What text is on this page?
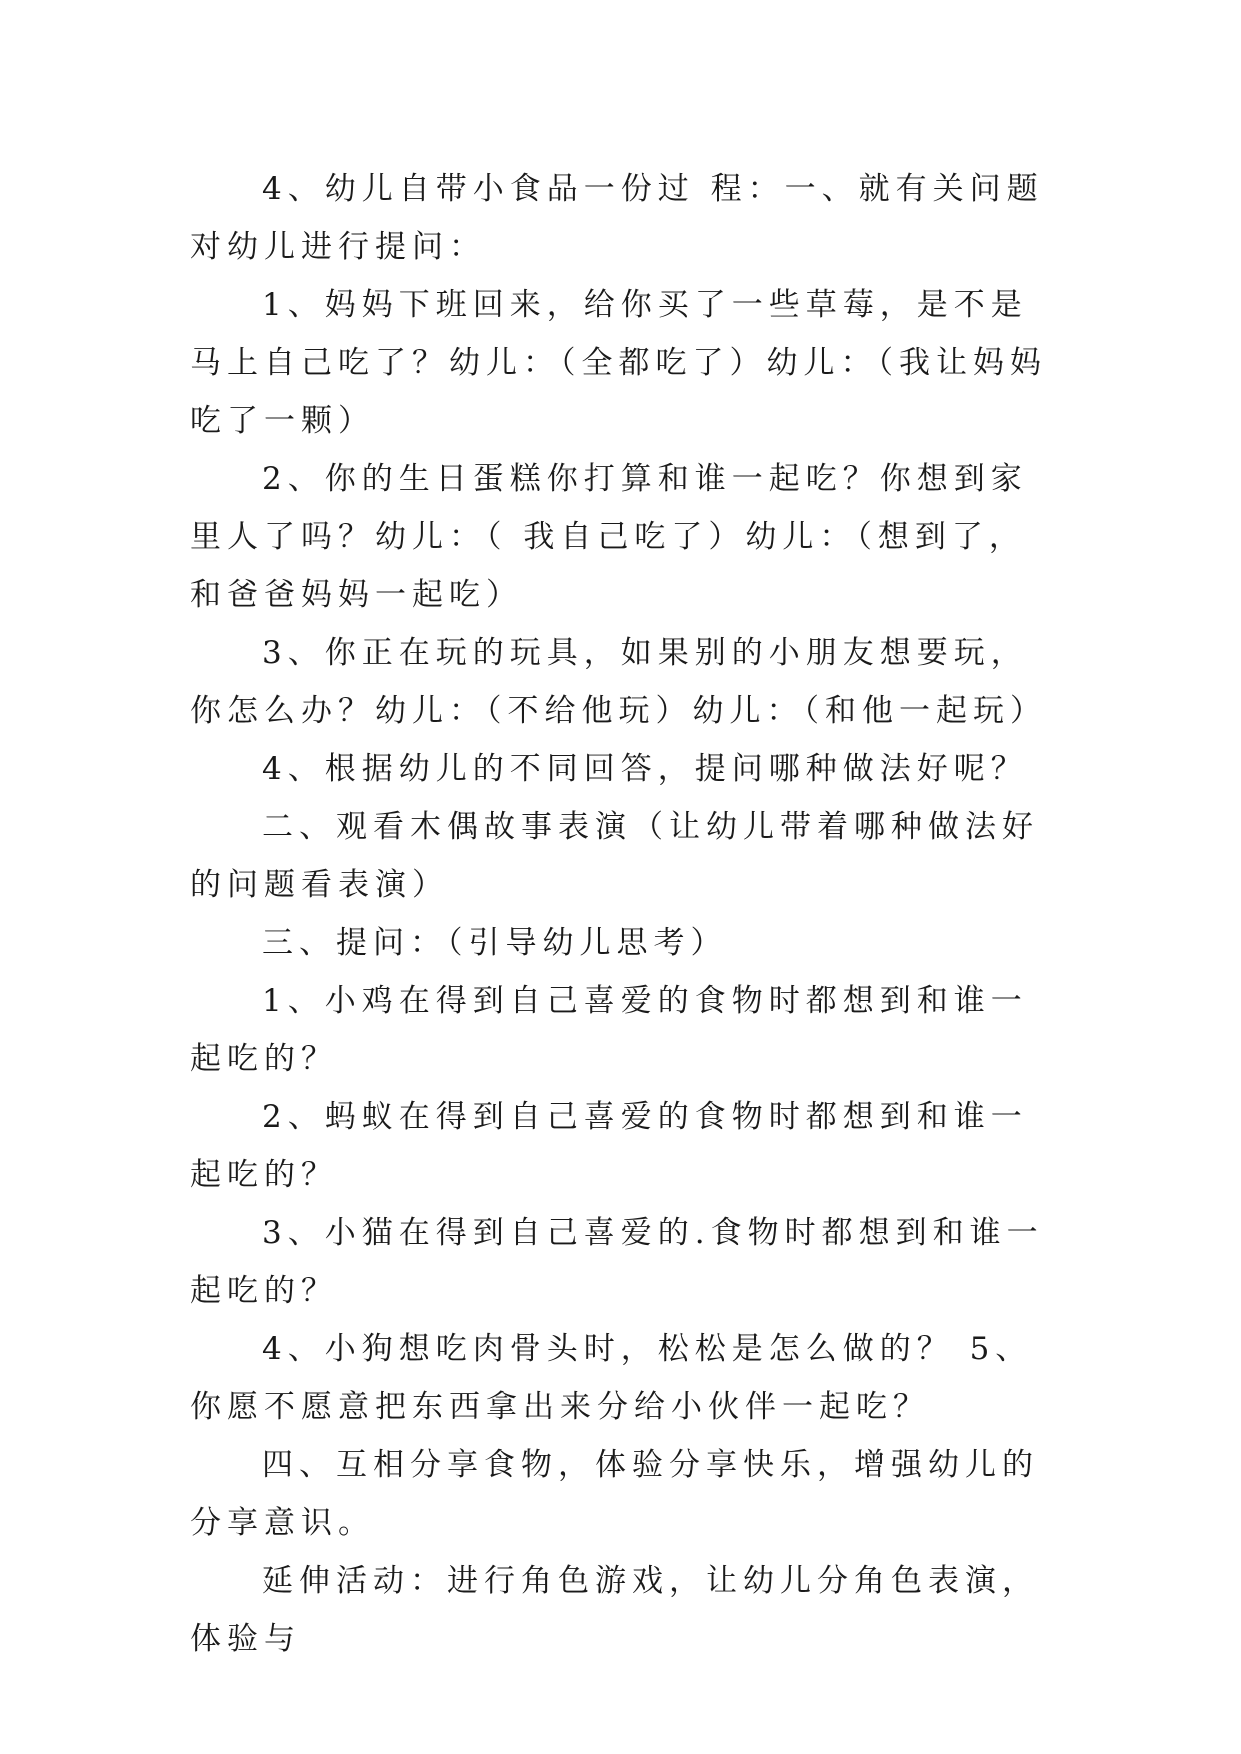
4、幼儿自带小食品一份过 程：一、就有关问题对幼儿进行提问：

1、妈妈下班回来，给你买了一些草莓，是不是马上自己吃了？幼儿：（全都吃了）幼儿：（我让妈妈吃了一颗）

2、你的生日蛋糕你打算和谁一起吃？你想到家里人了吗？幼儿：（ 我自己吃了）幼儿：（想到了，和爸爸妈妈一起吃）

3、你正在玩的玩具，如果别的小朋友想要玩，你怎么办？幼儿：（不给他玩）幼儿：（和他一起玩）

4、根据幼儿的不同回答，提问哪种做法好呢？

二、观看木偶故事表演（让幼儿带着哪种做法好的问题看表演）

三、提问：（引导幼儿思考）

1、小鸡在得到自己喜爱的食物时都想到和谁一起吃的？

2、蚂蚁在得到自己喜爱的食物时都想到和谁一起吃的？

3、小猫在得到自己喜爱的.食物时都想到和谁一起吃的？

4、小狗想吃肉骨头时，松松是怎么做的？ 5、你愿不愿意把东西拿出来分给小伙伴一起吃？

四、互相分享食物，体验分享快乐，增强幼儿的分享意识。

延伸活动：进行角色游戏，让幼儿分角色表演，体验与
